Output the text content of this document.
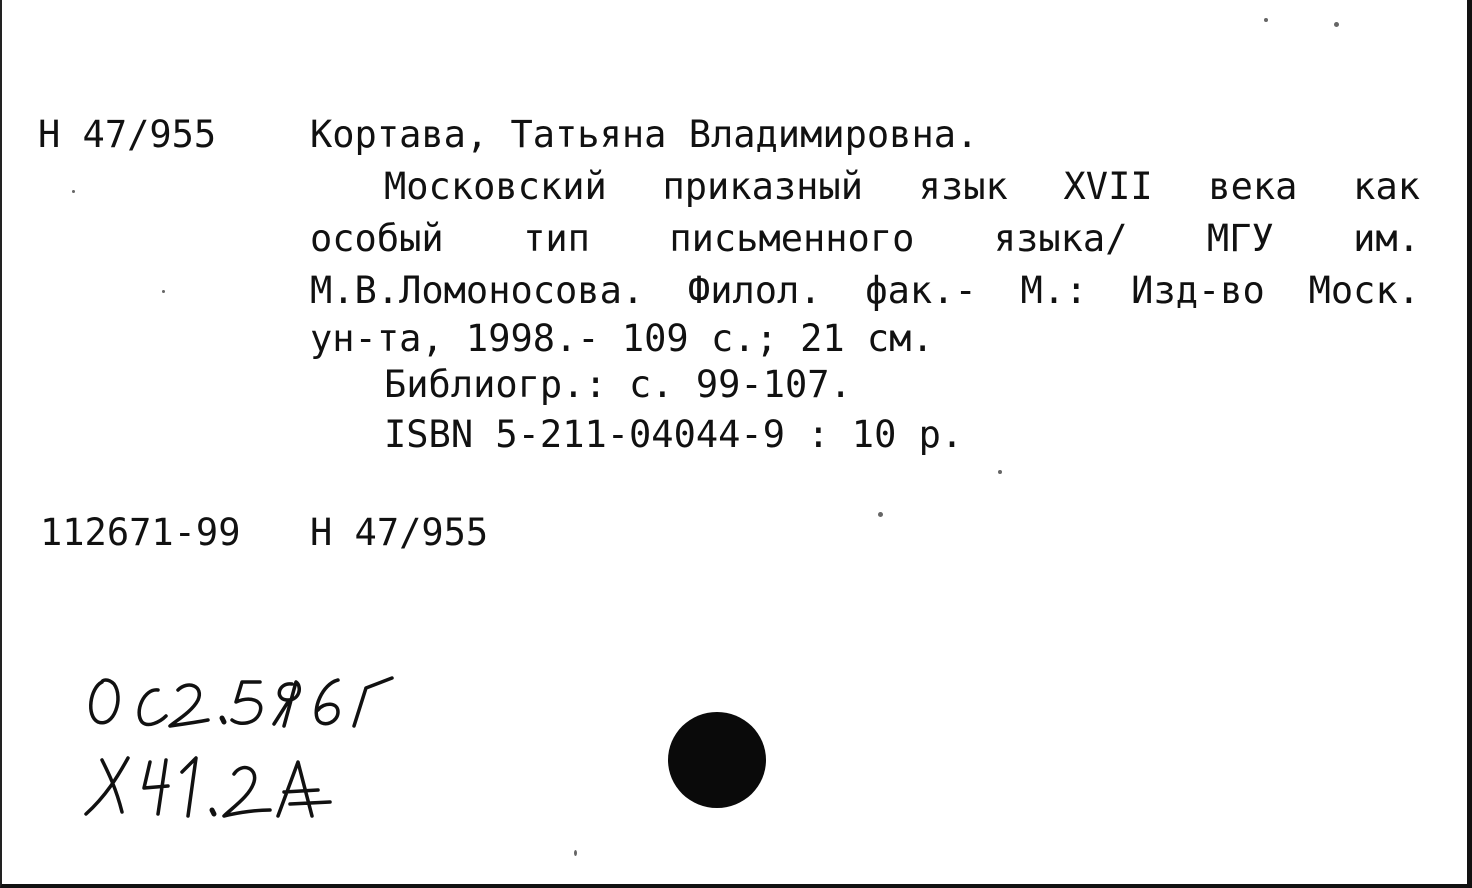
Н 47/955	Кортава, Татьяна Владимировна.

Московский приказный язык XVII века как

особый тип письменного языка/ МГУ им.

М.В.Ломоносова. Филол. фак.- М.: Изд-во Моск.

ун-та, 1998.- 109 с.; 21 см.

Библиогр.: с. 99-107.

ISBN 5-211-04044-9 : 10 р.

112671-99 Н 47/955
